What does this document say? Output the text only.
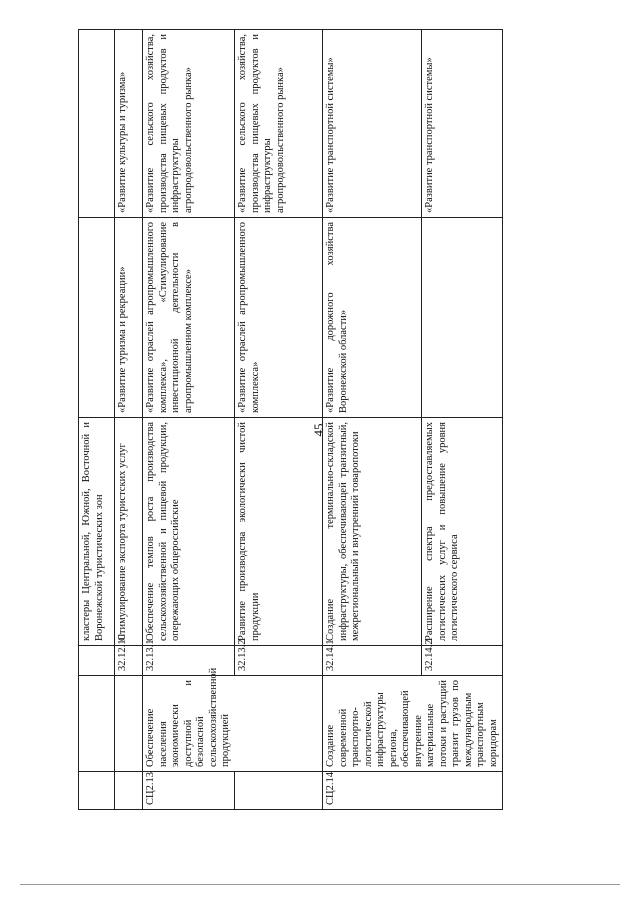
45
			кластеры Центральной, Южной, Восточной и Воронежской туристических зон		
		32.12.10	Стимулирование экспорта туристских услуг	«Развитие туризма и рекреации»	«Развитие культуры и туризма»
СЦ2.13	Обеспечение населения экономически доступной и безопасной сельскохозяйственной продукцией	32.13.1	Обеспечение темпов роста производства сельскохозяйственной и пищевой продукции, опережающих общероссийские	«Развитие отраслей агропромышленного комплекса», «Стимулирование инвестиционной деятельности в агропромышленном комплексе»	«Развитие сельского хозяйства, производства пищевых продуктов и инфраструктуры агропродовольственного рынка»
		32.13.2	Развитие производства экологически чистой продукции	«Развитие отраслей агропромышленного комплекса»	«Развитие сельского хозяйства, производства пищевых продуктов и инфраструктуры агропродовольственного рынка»
СЦ2.14	Создание современной транспортно-логистической инфраструктуры региона, обеспечивающей внутренние материальные потоки и растущий транзит грузов по международным транспортным коридорам	32.14.1	Создание терминально-складской инфраструктуры, обеспечивающей транзитный, межрегиональный и внутренний товаропотоки	«Развитие дорожного хозяйства Воронежской области»	«Развитие транспортной системы»
		32.14.2	Расширение спектра предоставляемых логистических услуг и повышение уровня логистического сервиса		«Развитие транспортной системы»
